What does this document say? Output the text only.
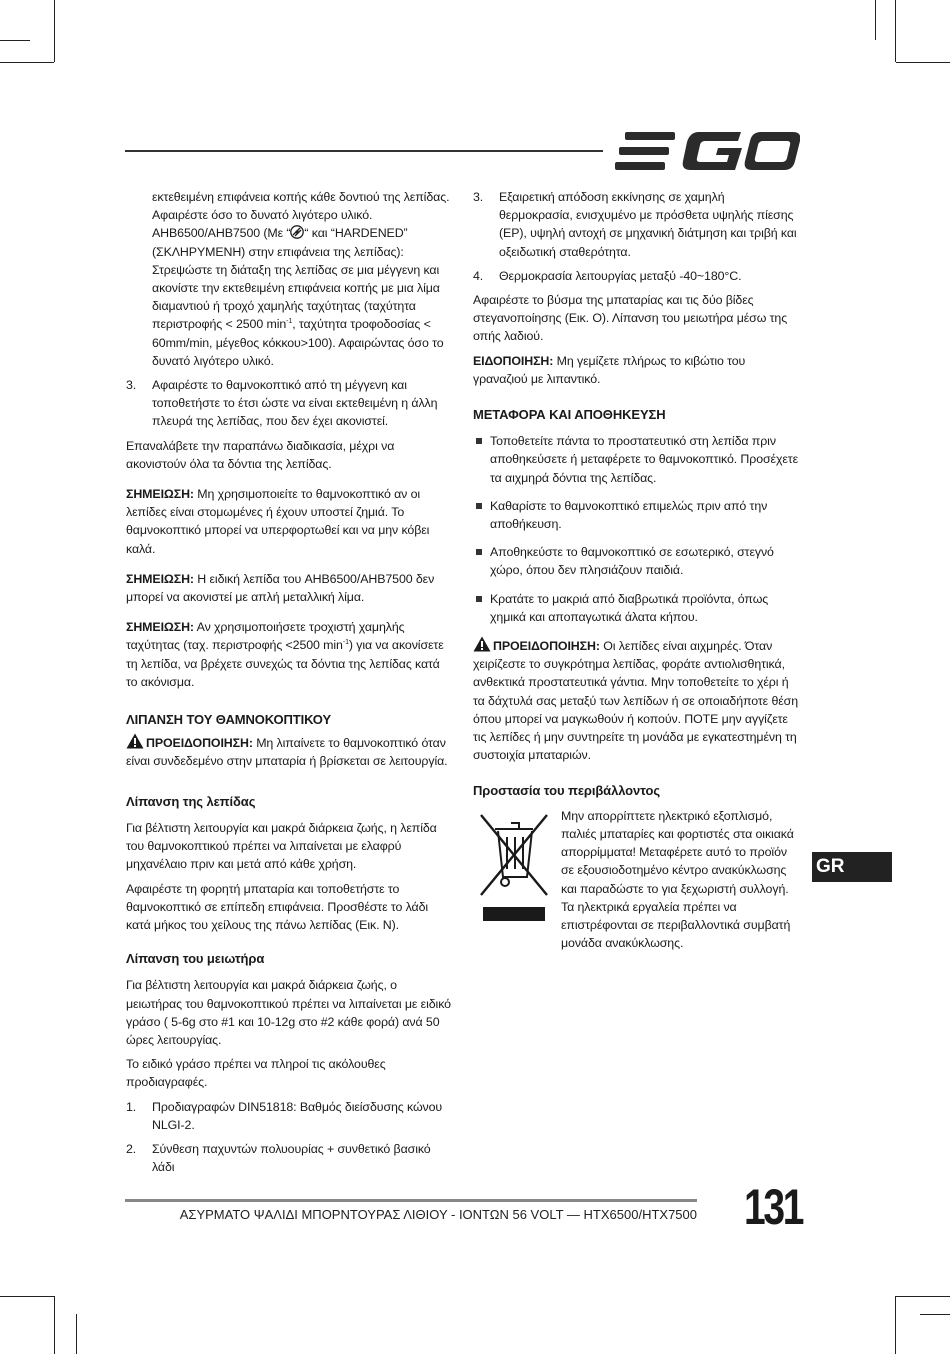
εκτεθειμένη επιφάνεια κοπής κάθε δοντιού της λεπίδας. Αφαιρέστε όσο το δυνατό λιγότερο υλικό. AHB6500/AHB7500 (Με “ “ και “HARDENED” (ΣΚΛΗΡΥΜΕΝΗ) στην επιφάνεια της λεπίδας): Στρεψώστε τη διάταξη της λεπίδας σε μια μέγγενη και ακονίστε την εκτεθειμένη επιφάνεια κοπής με μια λίμα διαμαντιού ή τροχό χαμηλής ταχύτητας (ταχύτητα περιστροφής < 2500 $\min^{-1}$, ταχύτητα τροφοδοσίας < 60mm/min, μέγεθος κόκκου>100). Αφαιρώντας όσο το δυνατό λιγότερο υλικό.

3.	Αφαιρέστε το θαμνοκοπτικό από τη μέγγενη και τοποθετήστε το έτσι ώστε να είναι εκτεθειμένη η άλλη πλευρά της λεπίδας, που δεν έχει ακονιστεί.

Επαναλάβετε την παραπάνω διαδικασία, μέχρι να ακονιστούν όλα τα δόντια της λεπίδας.

ΣΗΜΕΙΩΣΗ: Μη χρησιμοποιείτε το θαμνοκοπτικό αν οι λεπίδες είναι στομωμένες ή έχουν υποστεί ζημιά. Το θαμνοκοπτικό μπορεί να υπερφορτωθεί και να μην κόβει καλά.

ΣΗΜΕΙΩΣΗ: Η ειδική λεπίδα του AHB6500/AHB7500 δεν μπορεί να ακονιστεί με απλή μεταλλική λίμα.

ΣΗΜΕΙΩΣΗ: Αν χρησιμοποιήσετε τροχιστή χαμηλής ταχύτητας (ταχ. περιστροφής <2500 $\min^{-1}$) για να ακονίσετε τη λεπίδα, να βρέχετε συνεχώς τα δόντια της λεπίδας κατά το ακόνισμα.

ΛΙΠΑΝΣΗ ΤΟΥ ΘΑΜΝΟΚΟΠΤΙΚΟΥ

ΠΡΟΕΙΔΟΠΟΙΗΣΗ: Μη λιπαίνετε το θαμνοκοπτικό όταν είναι συνδεδεμένο στην μπαταρία ή βρίσκεται σε λειτουργία.

Λίπανση της λεπίδας

Για βέλτιστη λειτουργία και μακρά διάρκεια ζωής, η λεπίδα του θαμνοκοπτικού πρέπει να λιπαίνεται με ελαφρύ μηχανέλαιο πριν και μετά από κάθε χρήση.

Αφαιρέστε τη φορητή μπαταρία και τοποθετήστε το θαμνοκοπτικό σε επίπεδη επιφάνεια. Προσθέστε το λάδι κατά μήκος του χείλους της πάνω λεπίδας (Εικ. N).

Λίπανση του μειωτήρα

Για βέλτιστη λειτουργία και μακρά διάρκεια ζωής, ο μειωτήρας του θαμνοκοπτικού πρέπει να λιπαίνεται με ειδικό γράσο ( 5-6g στο #1 και 10-12g στο #2 κάθε φορά) ανά 50 ώρες λειτουργίας.

Το ειδικό γράσο πρέπει να πληροί τις ακόλουθες προδιαγραφές.

1.	Προδιαγραφών DIN51818: Βαθμός διείσδυσης κώνου NLGI-2.
2.	Σύνθεση παχυντών πολυουρίας + συνθετικό βασικό λάδι
3.	Εξαιρετική απόδοση εκκίνησης σε χαμηλή θερμοκρασία, ενισχυμένο με πρόσθετα υψηλής πίεσης (EP), υψηλή αντοχή σε μηχανική διάτμηση και τριβή και οξειδωτική σταθερότητα.
4.	Θερμοκρασία λειτουργίας μεταξύ -40~180°C.

Αφαιρέστε το βύσμα της μπαταρίας και τις δύο βίδες στεγανοποίησης (Εικ. O). Λίπανση του μειωτήρα μέσω της οπής λαδιού.

ΕΙΔΟΠΟΙΗΣΗ: Μη γεμίζετε πλήρως το κιβώτιο του γραναζιού με λιπαντικό.

ΜΕΤΑΦΟΡΑ ΚΑΙ ΑΠΟΘΗΚΕΥΣΗ
Τοποθετείτε πάντα το προστατευτικό στη λεπίδα πριν αποθηκεύσετε ή μεταφέρετε το θαμνοκοπτικό. Προσέχετε τα αιχμηρά δόντια της λεπίδας.
Καθαρίστε το θαμνοκοπτικό επιμελώς πριν από την αποθήκευση.
Αποθηκεύστε το θαμνοκοπτικό σε εσωτερικό, στεγνό χώρο, όπου δεν πλησιάζουν παιδιά.
Κρατάτε το μακριά από διαβρωτικά προϊόντα, όπως χημικά και αποπαγωτικά άλατα κήπου.

ΠΡΟΕΙΔΟΠΟΙΗΣΗ: Οι λεπίδες είναι αιχμηρές. Όταν χειρίζεστε το συγκρότημα λεπίδας, φοράτε αντιολισθητικά, ανθεκτικά προστατευτικά γάντια. Μην τοποθετείτε το χέρι ή τα δάχτυλά σας μεταξύ των λεπίδων ή σε οποιαδήποτε θέση όπου μπορεί να μαγκωθούν ή κοπούν. ΠΟΤΕ μην αγγίζετε τις λεπίδες ή μην συντηρείτε τη μονάδα με εγκατεστημένη τη συστοιχία μπαταριών.

Προστασία του περιβάλλοντος
Μην απορρίπτετε ηλεκτρικό εξοπλισμό, παλιές μπαταρίες και φορτιστές στα οικιακά απορρίμματα! Μεταφέρετε αυτό το προϊόν σε εξουσιοδοτημένο κέντρο ανακύκλωσης και παραδώστε το για ξεχωριστή συλλογή. Τα ηλεκτρικά εργαλεία πρέπει να επιστρέφονται σε περιβαλλοντικά συμβατή μονάδα ανακύκλωσης.
GR
ΑΣΥΡΜΑΤΟ ΨΑΛΙΔΙ ΜΠΟΡΝΤΟΥΡΑΣ ΛΙΘΙΟΥ - ΙΟΝΤΩΝ 56 VOLT — HTX6500/HTX7500 131
